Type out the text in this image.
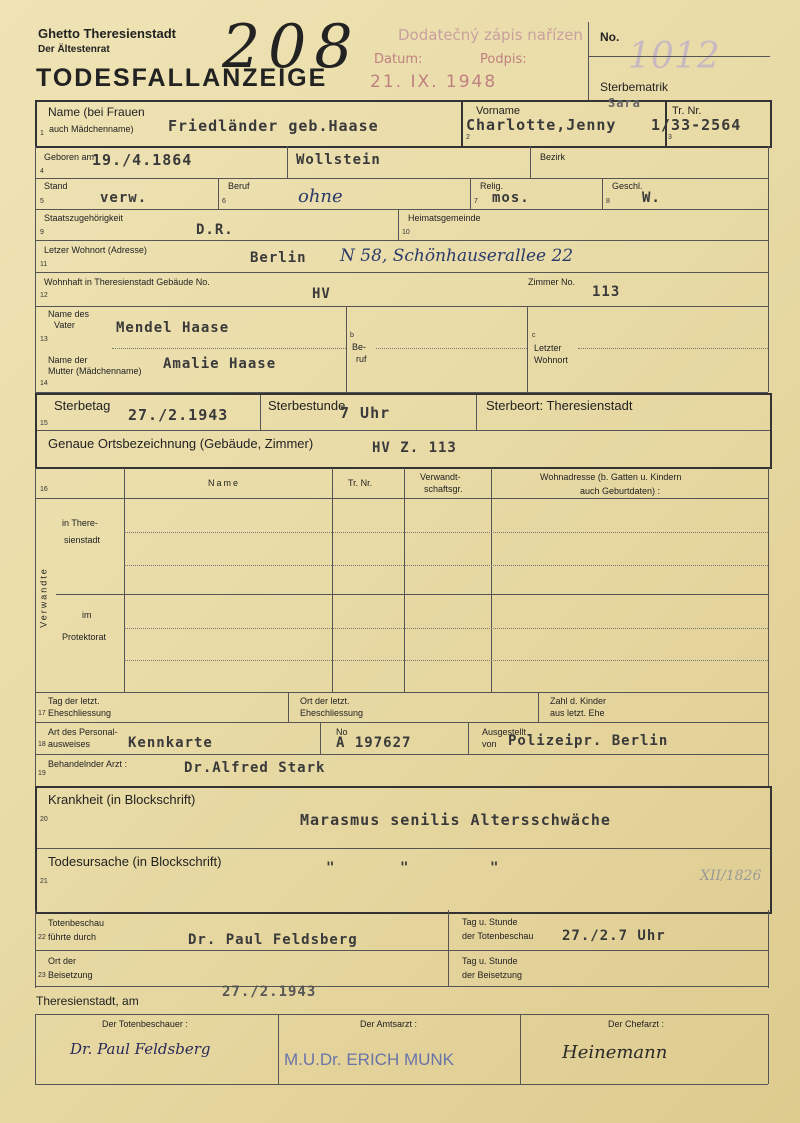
Ghetto Theresienstadt
Der Ältestenrat
TODESFALLANZEIGE
208 Dodatečný zápis nařízen
Datum:	Podpis:
21. IX. 1948
No. 1012
Sterbematrik
Name (bei Frauen
auch Mädchenname)
1	Friedländer geb.Haase
Vorname
Charlotte,Jenny
Sara
2
Tr. Nr.
1/33-2564
3
Geboren am
19./4.1864
4
Wollstein	Bezirk
Stand
5	verw.
Beruf
6	ohne	Relig.
7 mos.
Geschl.
8 W.
Staatszugehörigkeit
9	D.R.
Heimatsgemeinde
10
Letzer Wohnort (Adresse)
11	Berlin N 58, Schönhauserallee 22
Wohnhaft in Theresienstadt Gebäude No.
12	HV
Zimmer No.
113
Name des
Vater
13
Mendel Haase
Name der
Mutter (Mädchenname)
14
Amalie Haase
b
Be-
ruf
c
Letzter
Wohnort
Sterbetag
15	27./2.1943
Sterbestunde
7 Uhr	Sterbeort: Theresienstadt
Genaue Ortsbezeichnung (Gebäude, Zimmer)	HV Z. 113
16
Name	Tr. Nr.
Verwandt-
schaftsgr.
Wohnadresse (b. Gatten u. Kindern
auch Geburtdaten) :
in There-
sienstadt
im
Protektorat
Verwandte
Tag der letzt.
Eheschliessung
17
Ort der letzt.
Eheschliessung
Zahl d. Kinder
aus letzt. Ehe
Art des Personal-
ausweises
18	Kennkarte
No
A 197627
Ausgestellt
von Polizeipr. Berlin
Behandelnder Arzt :
19	Dr.Alfred Stark
Krankheit (in Blockschrift)
20	Marasmus senilis Altersschwäche
Todesursache (in Blockschrift)
21
"	"	"	XII/1826
Totenbeschau
führte durch
22	Dr. Paul Feldsberg
Tag u. Stunde
der Totenbeschau 27./2.7 Uhr
Ort der
Beisetzung
23
Tag u. Stunde
der Beisetzung
Theresienstadt, am
27./2.1943
Der Totenbeschauer :
Dr. Paul Feldsberg
Der Amtsarzt :
M.U.Dr. ERICH MUNK
Der Chefarzt :
Heinemann
